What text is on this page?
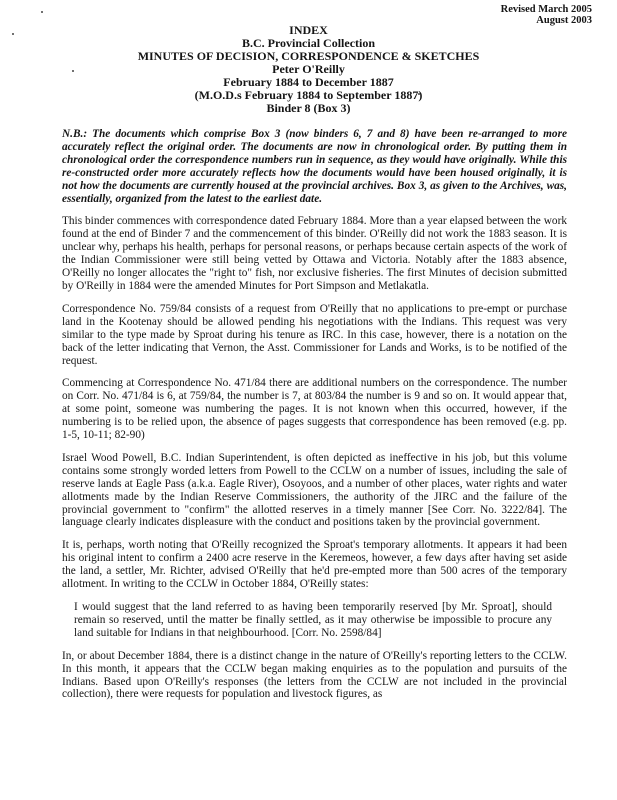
Revised March 2005
August 2003
INDEX
B.C. Provincial Collection
MINUTES OF DECISION, CORRESPONDENCE & SKETCHES
Peter O'Reilly
February 1884 to December 1887
(M.O.D.s February 1884 to September 1887)
Binder 8 (Box 3)

N.B.: The documents which comprise Box 3 (now binders 6, 7 and 8) have been re-arranged to more accurately reflect the original order. The documents are now in chronological order. By putting them in chronological order the correspondence numbers run in sequence, as they would have originally. While this re-constructed order more accurately reflects how the documents would have been housed originally, it is not how the documents are currently housed at the provincial archives. Box 3, as given to the Archives, was, essentially, organized from the latest to the earliest date.

This binder commences with correspondence dated February 1884. More than a year elapsed between the work found at the end of Binder 7 and the commencement of this binder. O'Reilly did not work the 1883 season. It is unclear why, perhaps his health, perhaps for personal reasons, or perhaps because certain aspects of the work of the Indian Commissioner were still being vetted by Ottawa and Victoria. Notably after the 1883 absence, O'Reilly no longer allocates the "right to" fish, nor exclusive fisheries. The first Minutes of decision submitted by O'Reilly in 1884 were the amended Minutes for Port Simpson and Metlakatla.

Correspondence No. 759/84 consists of a request from O'Reilly that no applications to pre-empt or purchase land in the Kootenay should be allowed pending his negotiations with the Indians. This request was very similar to the type made by Sproat during his tenure as IRC. In this case, however, there is a notation on the back of the letter indicating that Vernon, the Asst. Commissioner for Lands and Works, is to be notified of the request.

Commencing at Correspondence No. 471/84 there are additional numbers on the correspondence. The number on Corr. No. 471/84 is 6, at 759/84, the number is 7, at 803/84 the number is 9 and so on. It would appear that, at some point, someone was numbering the pages. It is not known when this occurred, however, if the numbering is to be relied upon, the absence of pages suggests that correspondence has been removed (e.g. pp. 1-5, 10-11; 82-90)

Israel Wood Powell, B.C. Indian Superintendent, is often depicted as ineffective in his job, but this volume contains some strongly worded letters from Powell to the CCLW on a number of issues, including the sale of reserve lands at Eagle Pass (a.k.a. Eagle River), Osoyoos, and a number of other places, water rights and water allotments made by the Indian Reserve Commissioners, the authority of the JIRC and the failure of the provincial government to "confirm" the allotted reserves in a timely manner [See Corr. No. 3222/84]. The language clearly indicates displeasure with the conduct and positions taken by the provincial government.

It is, perhaps, worth noting that O'Reilly recognized the Sproat's temporary allotments. It appears it had been his original intent to confirm a 2400 acre reserve in the Keremeos, however, a few days after having set aside the land, a settler, Mr. Richter, advised O'Reilly that he'd pre-empted more than 500 acres of the temporary allotment. In writing to the CCLW in October 1884, O'Reilly states:

I would suggest that the land referred to as having been temporarily reserved [by Mr. Sproat], should remain so reserved, until the matter be finally settled, as it may otherwise be impossible to procure any land suitable for Indians in that neighbourhood. [Corr. No. 2598/84]

In, or about December 1884, there is a distinct change in the nature of O'Reilly's reporting letters to the CCLW. In this month, it appears that the CCLW began making enquiries as to the population and pursuits of the Indians. Based upon O'Reilly's responses (the letters from the CCLW are not included in the provincial collection), there were requests for population and livestock figures, as
